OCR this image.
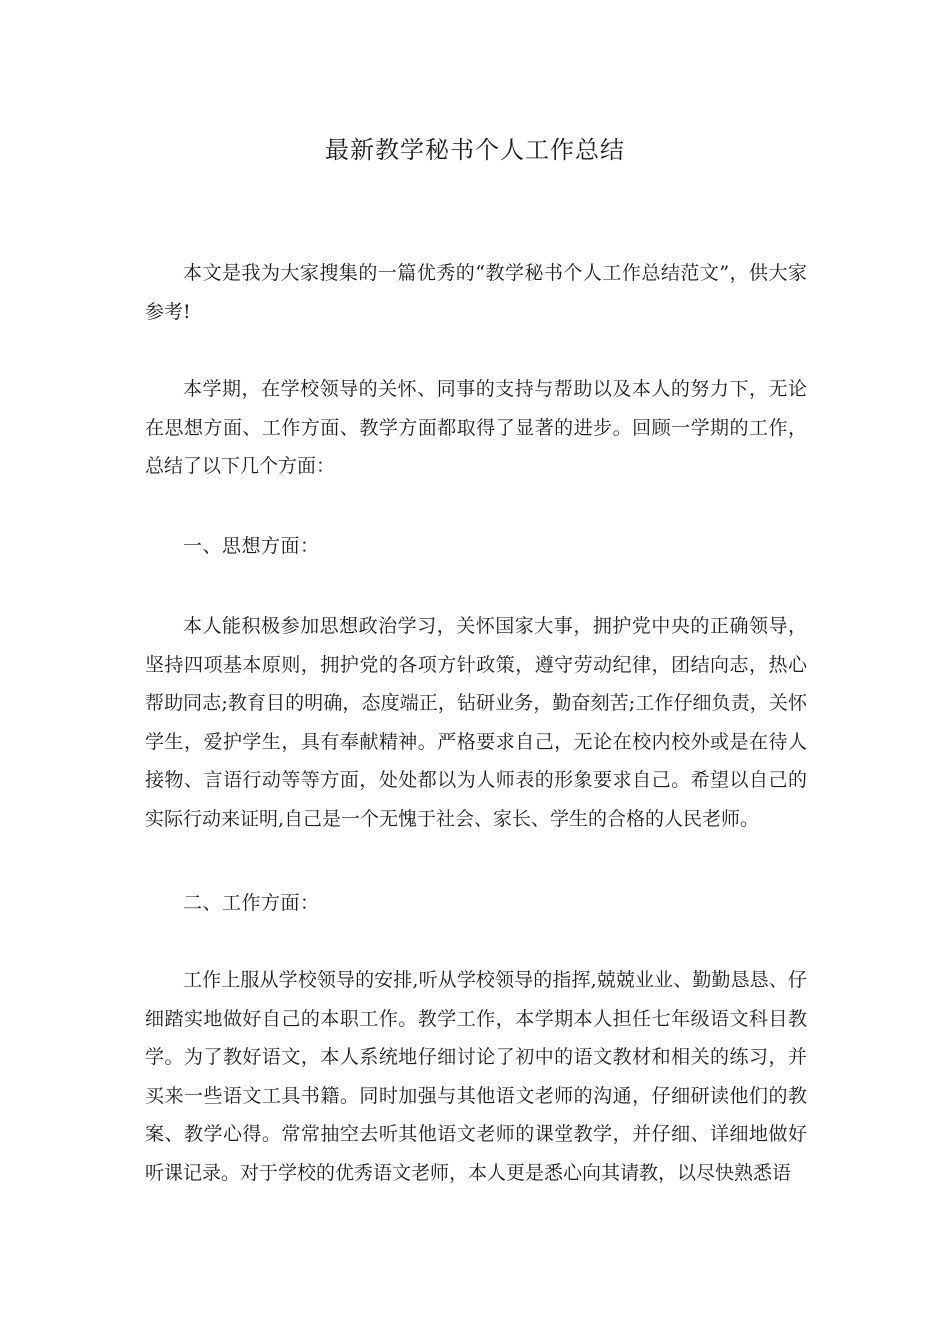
最新教学秘书个人工作总结

本文是我为大家搜集的一篇优秀的“教学秘书个人工作总结范文”，供大家参考!

本学期，在学校领导的关怀、同事的支持与帮助以及本人的努力下，无论在思想方面、工作方面、教学方面都取得了显著的进步。回顾一学期的工作，总结了以下几个方面：

一、思想方面：

本人能积极参加思想政治学习，关怀国家大事，拥护党中央的正确领导，坚持四项基本原则，拥护党的各项方针政策，遵守劳动纪律，团结向志，热心帮助同志;教育目的明确，态度端正，钻研业务，勤奋刻苦;工作仔细负责，关怀学生，爱护学生，具有奉献精神。严格要求自己，无论在校内校外或是在待人接物、言语行动等等方面，处处都以为人师表的形象要求自己。希望以自己的实际行动来证明,自己是一个无愧于社会、家长、学生的合格的人民老师。

二、工作方面：

工作上服从学校领导的安排,听从学校领导的指挥,兢兢业业、勤勤恳恳、仔细踏实地做好自己的本职工作。教学工作，本学期本人担任七年级语文科目教学。为了教好语文，本人系统地仔细讨论了初中的语文教材和相关的练习，并买来一些语文工具书籍。同时加强与其他语文老师的沟通，仔细研读他们的教案、教学心得。常常抽空去听其他语文老师的课堂教学，并仔细、详细地做好听课记录。对于学校的优秀语文老师，本人更是悉心向其请教，以尽快熟悉语
